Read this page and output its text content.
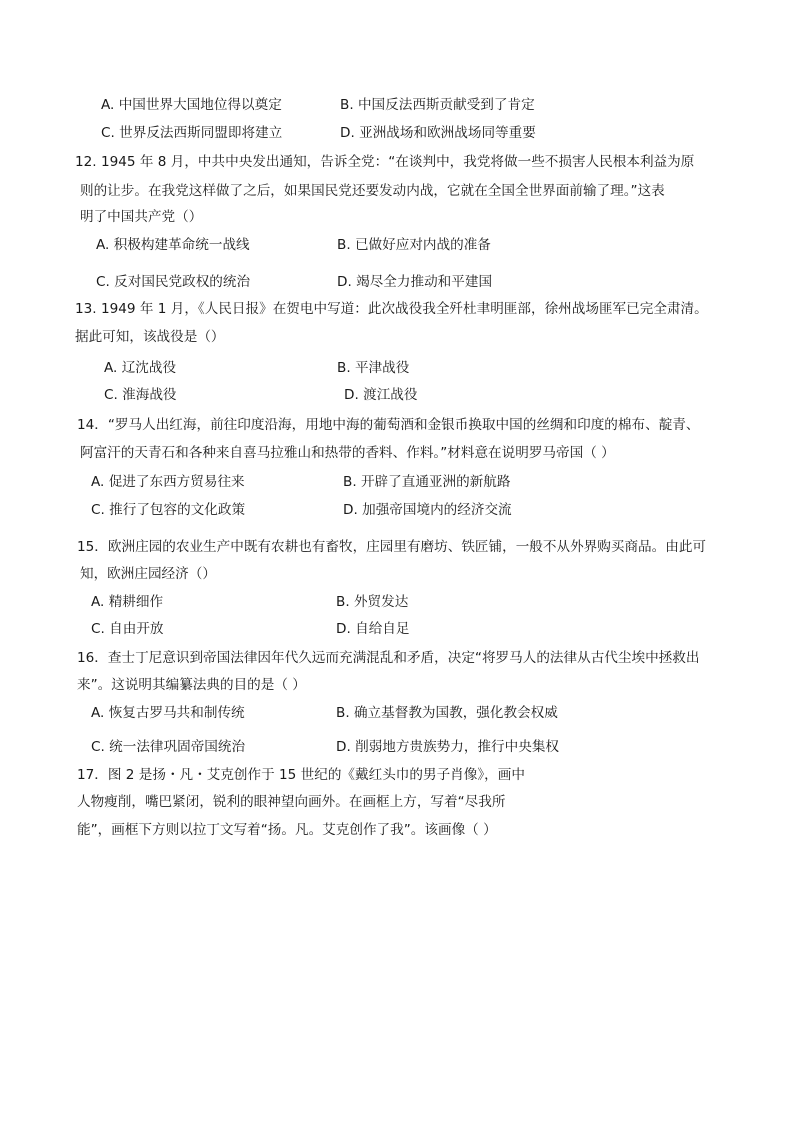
A. 中国世界大国地位得以奠定	B. 中国反法西斯贡献受到了肯定
C. 世界反法西斯同盟即将建立	D. 亚洲战场和欧洲战场同等重要
12. 1945 年 8 月，中共中央发出通知，告诉全党：“在谈判中，我党将做一些不损害人民根本利益为原
则的让步。在我党这样做了之后，如果国民党还要发动内战，它就在全国全世界面前输了理。”这表
明了中国共产党（）
A. 积极构建革命统一战线	B. 已做好应对内战的准备
C. 反对国民党政权的统治	D. 竭尽全力推动和平建国
13. 1949 年 1 月，《人民日报》在贺电中写道：此次战役我全歼杜聿明匪部，徐州战场匪军已完全肃清。
据此可知，该战役是（）
A. 辽沈战役	B. 平津战役
C. 淮海战役	D. 渡江战役
14．“罗马人出红海，前往印度沿海，用地中海的葡萄酒和金银币换取中国的丝绸和印度的棉布、靛青、
阿富汗的天青石和各种来自喜马拉雅山和热带的香料、作料。”材料意在说明罗马帝国（ ）
A. 促进了东西方贸易往来	B. 开辟了直通亚洲的新航路
C. 推行了包容的文化政策	D. 加强帝国境内的经济交流
15．欧洲庄园的农业生产中既有农耕也有畜牧，庄园里有磨坊、铁匠铺，一般不从外界购买商品。由此可
知，欧洲庄园经济（）
A. 精耕细作	B. 外贸发达
C. 自由开放	D. 自给自足
16．查士丁尼意识到帝国法律因年代久远而充满混乱和矛盾，决定“将罗马人的法律从古代尘埃中拯救出
来”。这说明其编纂法典的目的是（ ）
A. 恢复古罗马共和制传统	B. 确立基督教为国教，强化教会权威
C. 统一法律巩固帝国统治	D. 削弱地方贵族势力，推行中央集权
17．图 2 是扬・凡・艾克创作于 15 世纪的《戴红头巾的男子肖像》，画中
人物瘦削，嘴巴紧闭，锐利的眼神望向画外。在画框上方，写着“尽我所
能”，画框下方则以拉丁文写着“扬。凡。艾克创作了我”。该画像（ ）
